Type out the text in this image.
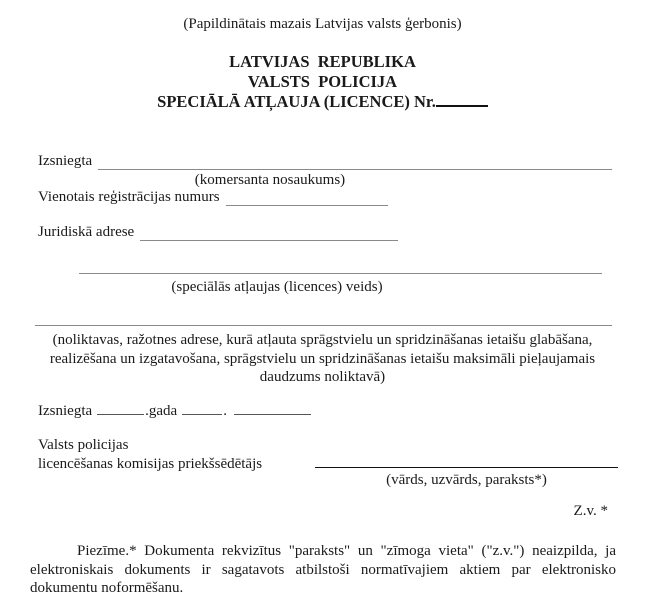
(Papildinātais mazais Latvijas valsts ģerbonis)
LATVIJAS  REPUBLIKA
VALSTS  POLICIJA
SPECIĀLĀ ATĻAUJA (LICENCE) Nr.
Izsniegta
(komersanta nosaukums)
Vienotais reģistrācijas numurs
Juridiskā adrese
(speciālās atļaujas (licences) veids)
(noliktavas, ražotnes adrese, kurā atļauta sprāgstvielu un spridzināšanas ietaišu glabāšana,
realizēšana un izgatavošana, sprāgstvielu un spridzināšanas ietaišu maksimāli pieļaujamais
daudzums noliktavā)
Izsniegta	.gada	.
Valsts policijas
licencēšanas komisijas priekšsēdētājs
(vārds, uzvārds, paraksts*)
Z.v. *
Piezīme.* Dokumenta rekvizītus "paraksts" un "zīmoga vieta" ("z.v.") neaizpilda, ja elektroniskais dokuments ir sagatavots atbilstoši normatīvajiem aktiem par elektronisko dokumentu noformēšanu.
